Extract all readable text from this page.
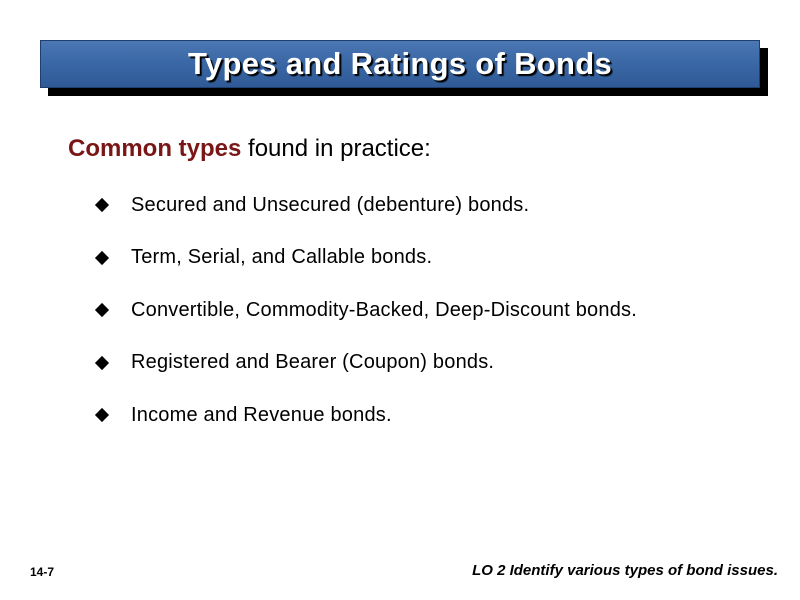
Types and Ratings of Bonds
Common types found in practice:
Secured and Unsecured (debenture) bonds.
Term, Serial, and Callable bonds.
Convertible, Commodity-Backed, Deep-Discount bonds.
Registered and Bearer (Coupon) bonds.
Income and Revenue bonds.
14-7	LO 2 Identify various types of bond issues.
